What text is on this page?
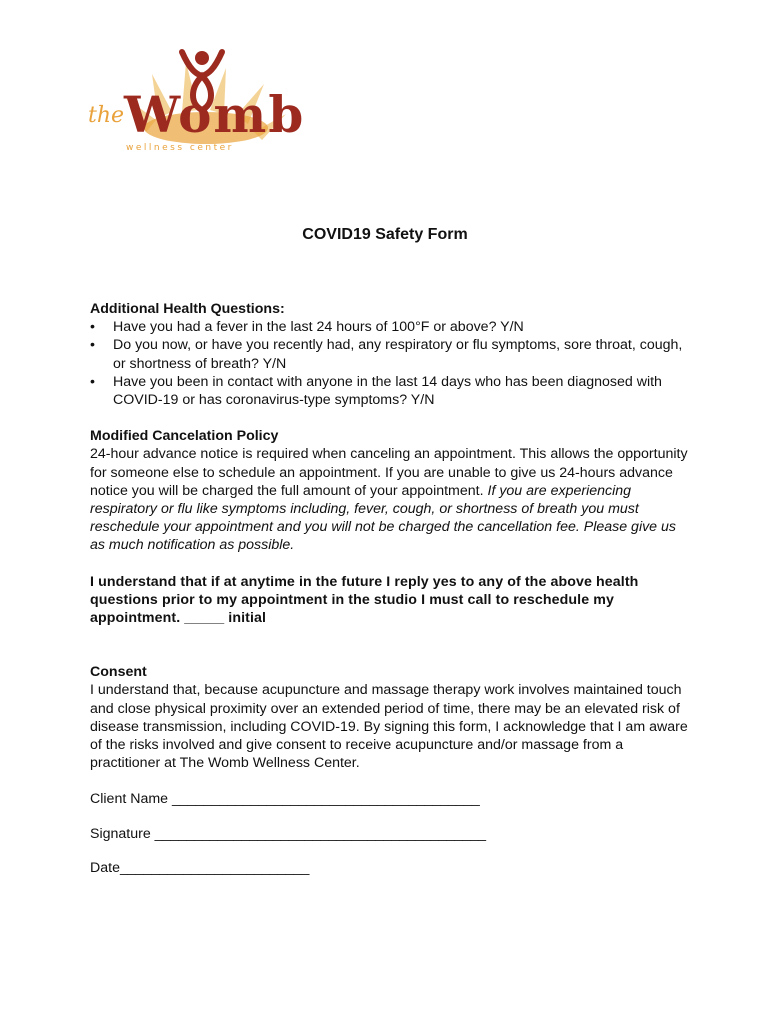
the Womb
wellness center
COVID19 Safety Form
Additional Health Questions:
• Have you had a fever in the last 24 hours of 100°F or above? Y/N
• Do you now, or have you recently had, any respiratory or flu symptoms, sore throat, cough, or shortness of breath? Y/N
• Have you been in contact with anyone in the last 14 days who has been diagnosed with COVID-19 or has coronavirus-type symptoms? Y/N
Modified Cancelation Policy
24-hour advance notice is required when canceling an appointment. This allows the opportunity for someone else to schedule an appointment. If you are unable to give us 24-hours advance notice you will be charged the full amount of your appointment. If you are experiencing respiratory or flu like symptoms including, fever, cough, or shortness of breath you must reschedule your appointment and you will not be charged the cancellation fee. Please give us as much notification as possible.
I understand that if at anytime in the future I reply yes to any of the above health questions prior to my appointment in the studio I must call to reschedule my appointment. _____ initial
Consent
I understand that, because acupuncture and massage therapy work involves maintained touch and close physical proximity over an extended period of time, there may be an elevated risk of disease transmission, including COVID-19. By signing this form, I acknowledge that I am aware of the risks involved and give consent to receive acupuncture and/or massage from a practitioner at The Womb Wellness Center.
Client Name _______________________________________
Signature __________________________________________
Date________________________
